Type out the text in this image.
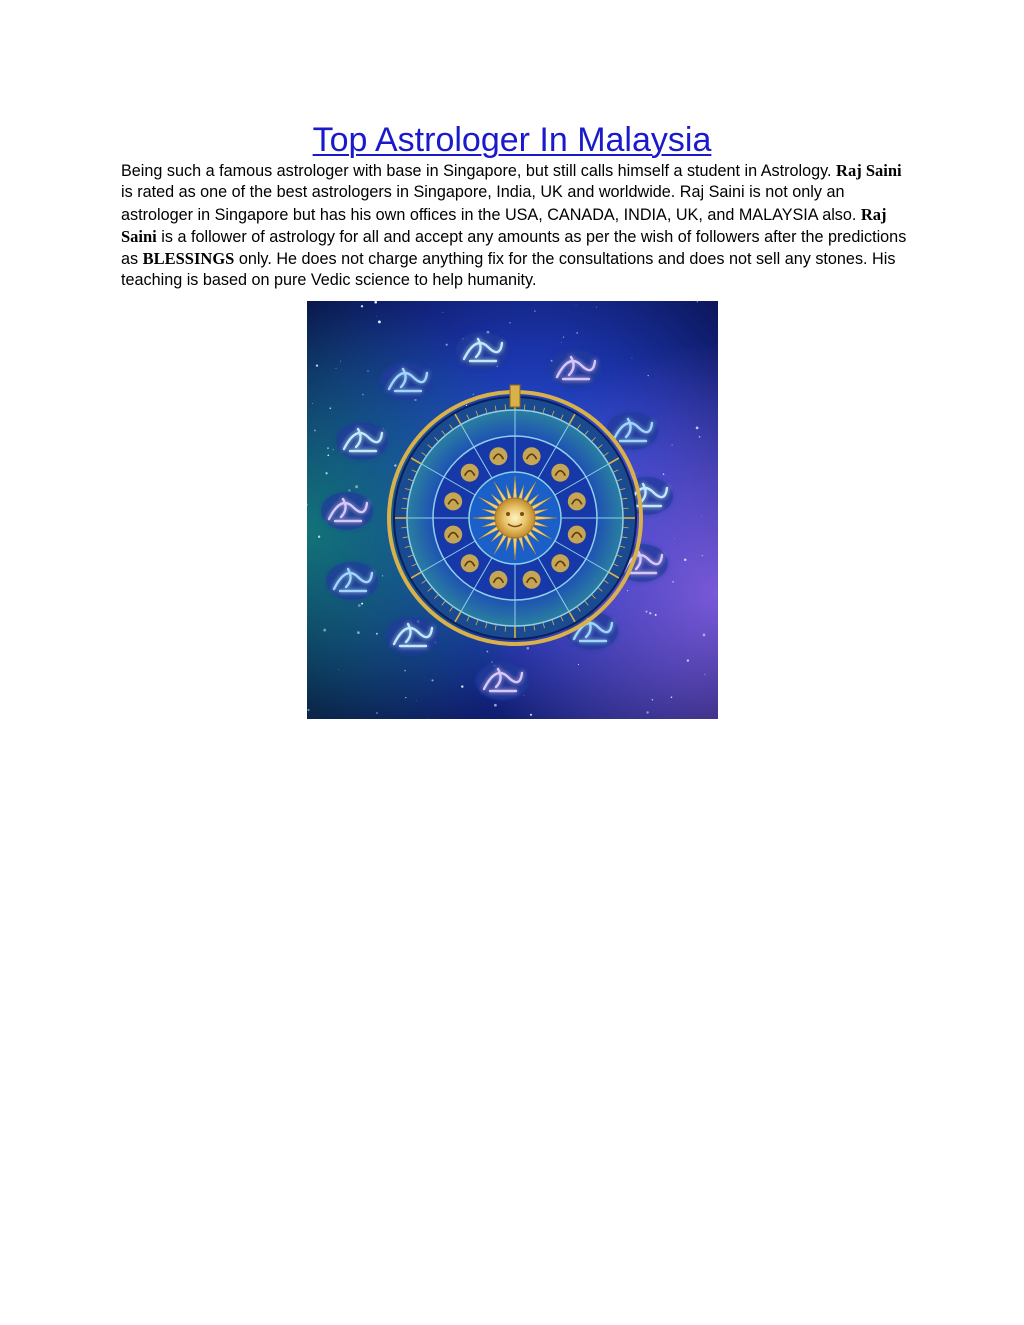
Top Astrologer In Malaysia

Being such a famous astrologer with base in Singapore, but still calls himself a student in Astrology. Raj Saini is rated as one of the best astrologers in Singapore, India, UK and worldwide. Raj Saini is not only an astrologer in Singapore but has his own offices in the USA, CANADA, INDIA, UK, and MALAYSIA also. Raj Saini is a follower of astrology for all and accept any amounts as per the wish of followers after the predictions as BLESSINGS only. He does not charge anything fix for the consultations and does not sell any stones. His teaching is based on pure Vedic science to help humanity.
